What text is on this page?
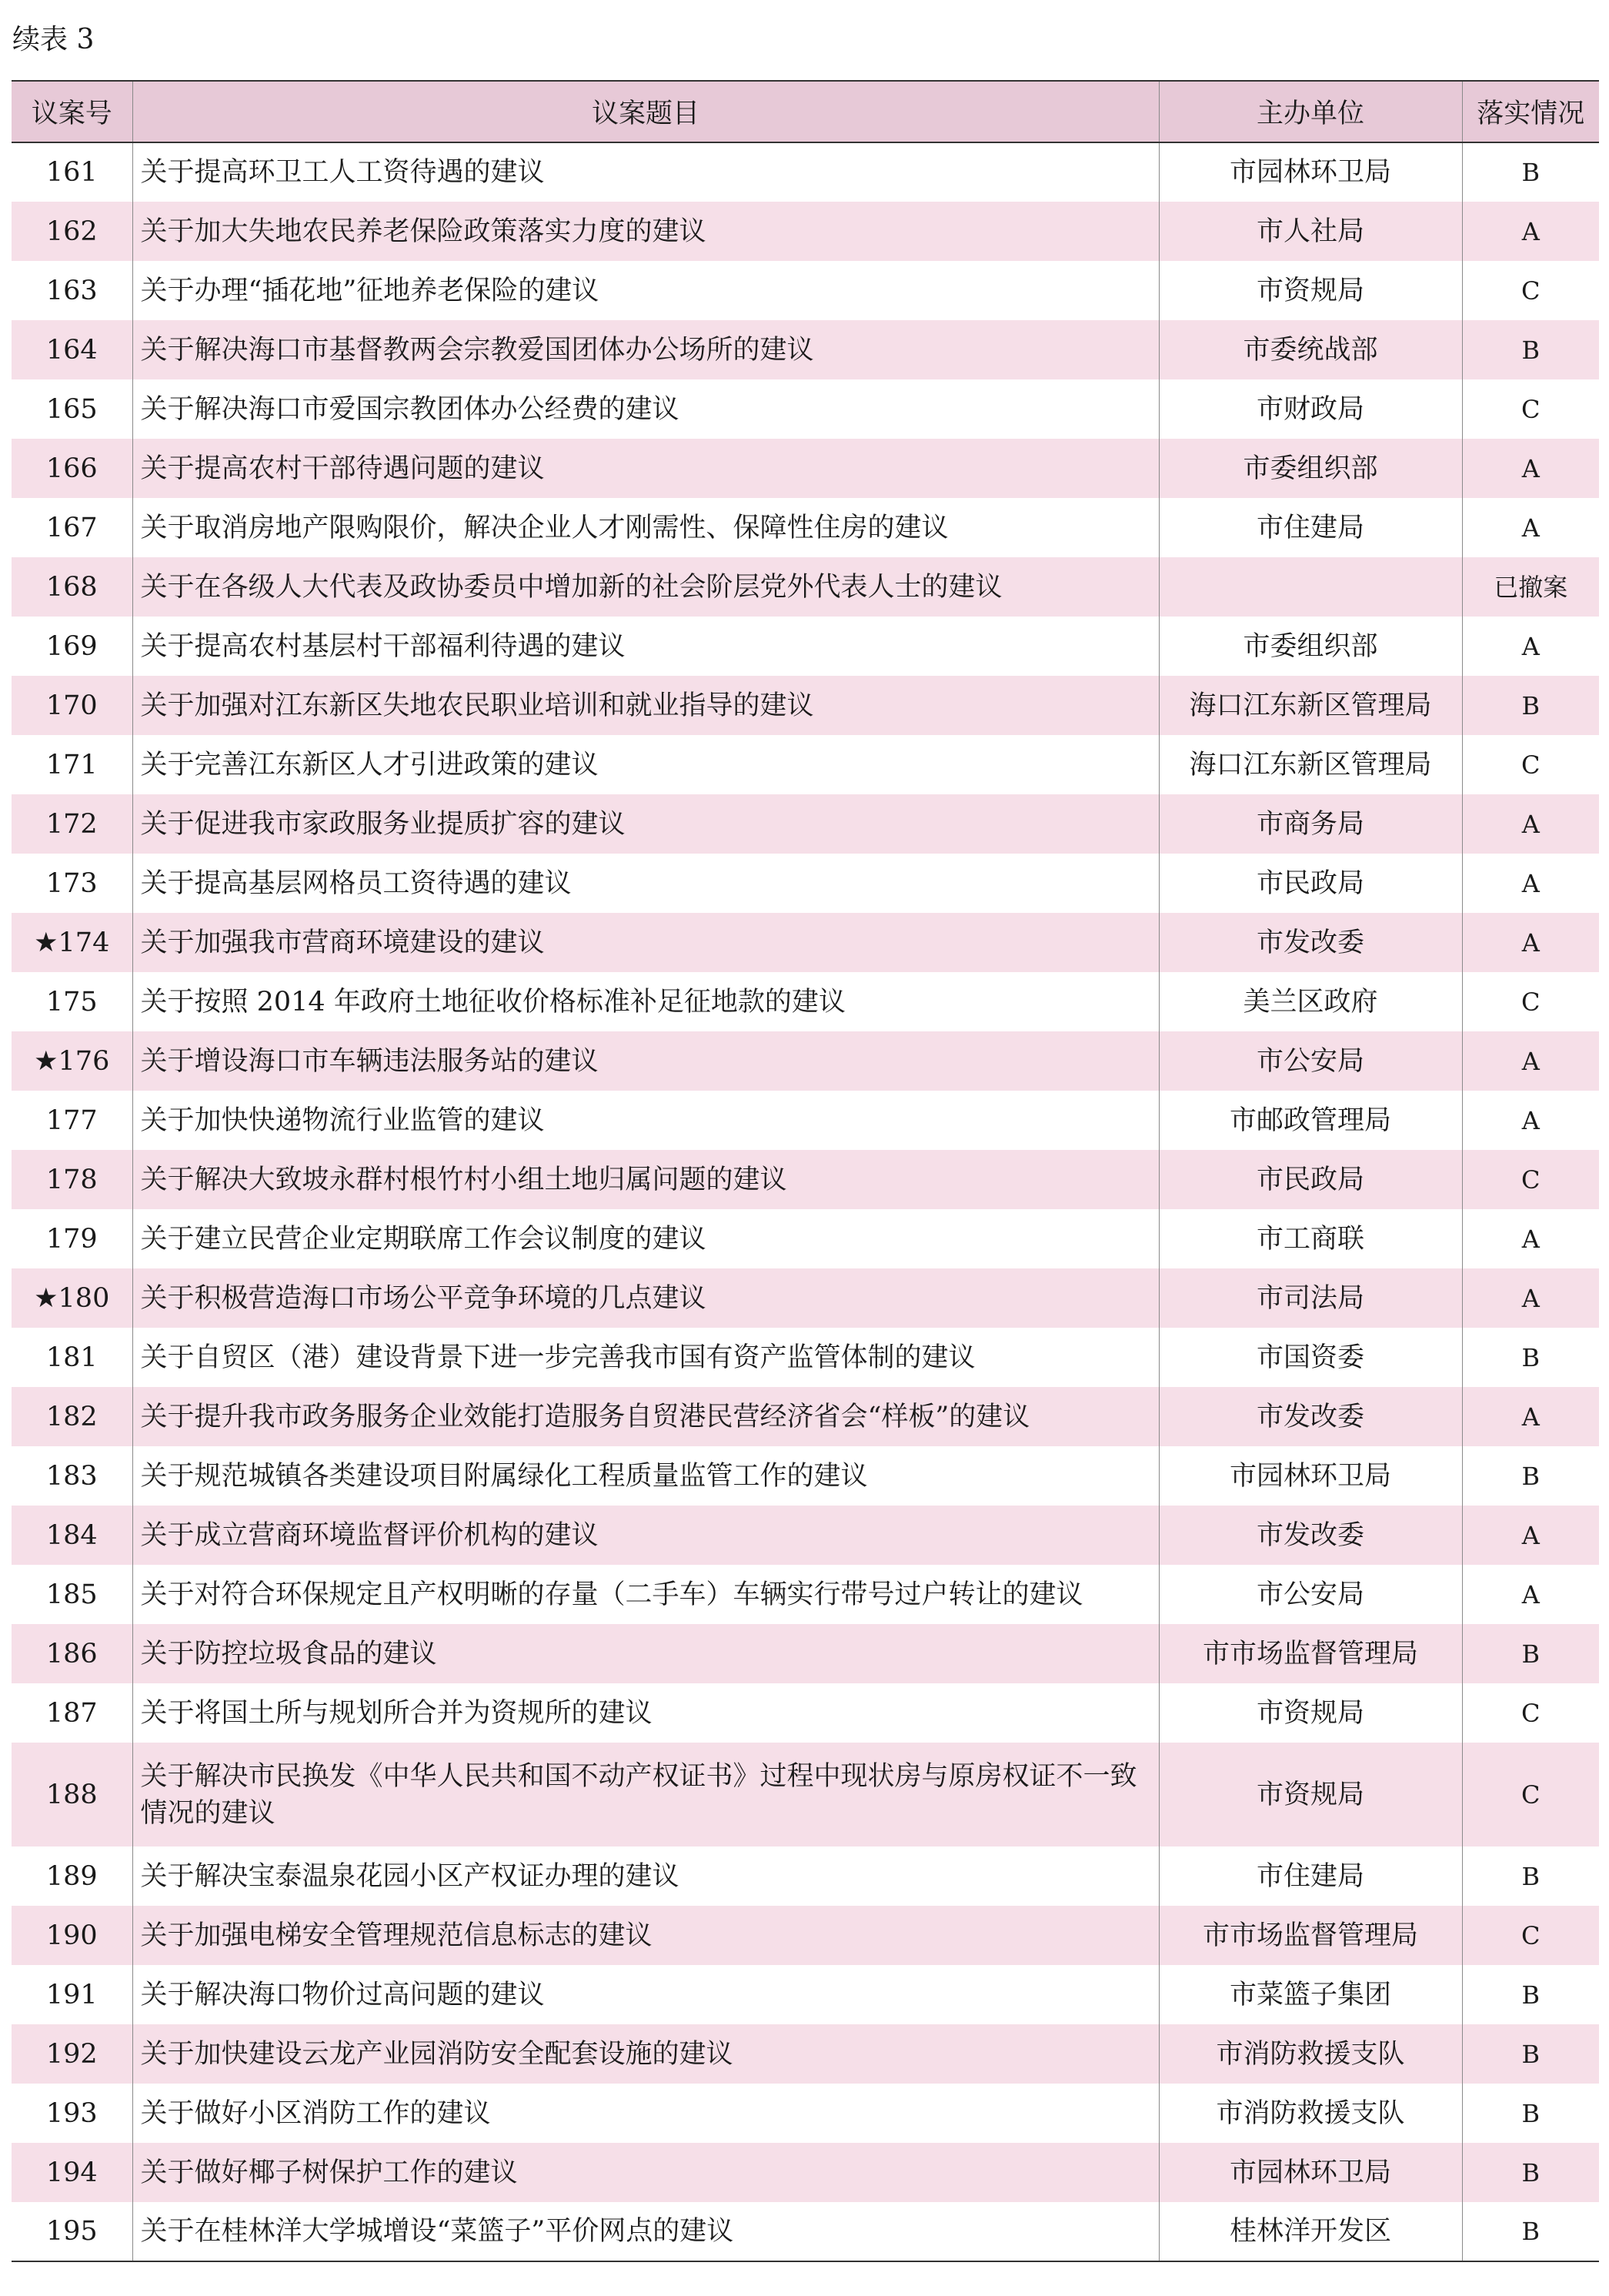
续表 3
议案号	议案题目	主办单位	落实情况
161	关于提高环卫工人工资待遇的建议	市园林环卫局	B
162	关于加大失地农民养老保险政策落实力度的建议	市人社局	A
163	关于办理“插花地”征地养老保险的建议	市资规局	C
164	关于解决海口市基督教两会宗教爱国团体办公场所的建议	市委统战部	B
165	关于解决海口市爱国宗教团体办公经费的建议	市财政局	C
166	关于提高农村干部待遇问题的建议	市委组织部	A
167	关于取消房地产限购限价，解决企业人才刚需性、保障性住房的建议	市住建局	A
168	关于在各级人大代表及政协委员中增加新的社会阶层党外代表人士的建议		已撤案
169	关于提高农村基层村干部福利待遇的建议	市委组织部	A
170	关于加强对江东新区失地农民职业培训和就业指导的建议	海口江东新区管理局	B
171	关于完善江东新区人才引进政策的建议	海口江东新区管理局	C
172	关于促进我市家政服务业提质扩容的建议	市商务局	A
173	关于提高基层网格员工资待遇的建议	市民政局	A
★174	关于加强我市营商环境建设的建议	市发改委	A
175	关于按照 2014 年政府土地征收价格标准补足征地款的建议	美兰区政府	C
★176	关于增设海口市车辆违法服务站的建议	市公安局	A
177	关于加快快递物流行业监管的建议	市邮政管理局	A
178	关于解决大致坡永群村根竹村小组土地归属问题的建议	市民政局	C
179	关于建立民营企业定期联席工作会议制度的建议	市工商联	A
★180	关于积极营造海口市场公平竞争环境的几点建议	市司法局	A
181	关于自贸区（港）建设背景下进一步完善我市国有资产监管体制的建议	市国资委	B
182	关于提升我市政务服务企业效能打造服务自贸港民营经济省会“样板”的建议	市发改委	A
183	关于规范城镇各类建设项目附属绿化工程质量监管工作的建议	市园林环卫局	B
184	关于成立营商环境监督评价机构的建议	市发改委	A
185	关于对符合环保规定且产权明晰的存量（二手车）车辆实行带号过户转让的建议	市公安局	A
186	关于防控垃圾食品的建议	市市场监督管理局	B
187	关于将国土所与规划所合并为资规所的建议	市资规局	C
188	关于解决市民换发《中华人民共和国不动产权证书》过程中现状房与原房权证不一致情况的建议	市资规局	C
189	关于解决宝泰温泉花园小区产权证办理的建议	市住建局	B
190	关于加强电梯安全管理规范信息标志的建议	市市场监督管理局	C
191	关于解决海口物价过高问题的建议	市菜篮子集团	B
192	关于加快建设云龙产业园消防安全配套设施的建议	市消防救援支队	B
193	关于做好小区消防工作的建议	市消防救援支队	B
194	关于做好椰子树保护工作的建议	市园林环卫局	B
195	关于在桂林洋大学城增设“菜篮子”平价网点的建议	桂林洋开发区	B
